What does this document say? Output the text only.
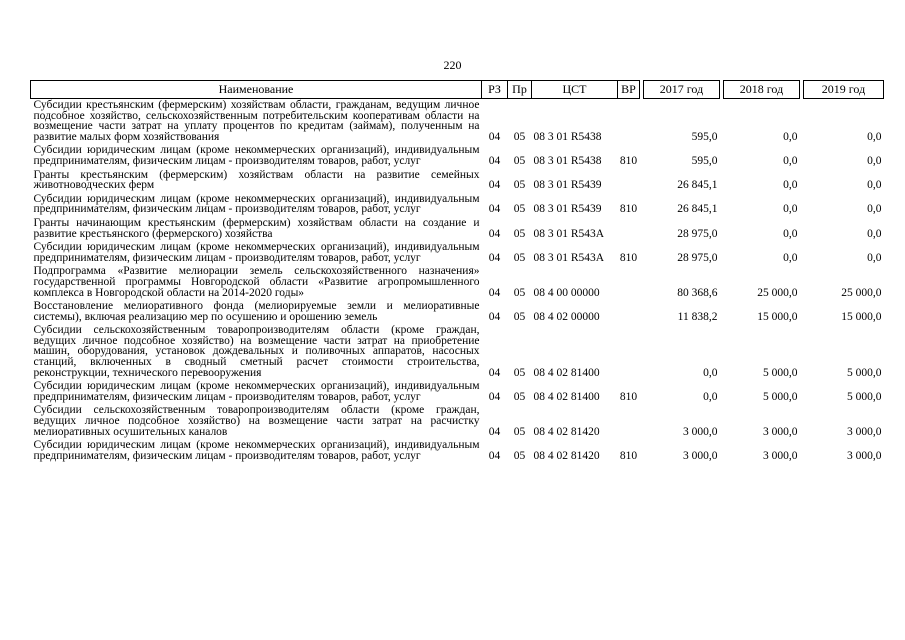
220
Наименование	РЗ	Пр	ЦСТ	ВР		2017 год		2018 год		2019 год
Субсидии крестьянским (фермерским) хозяйствам области, гражданам, ведущим личное подсобное хозяйство, сельскохозяйственным потребительским кооперативам области на возмещение части затрат на уплату процентов по кредитам (займам), полученным на развитие малых форм хозяйствования	04	05	08 3 01 R5438			595,0		0,0		0,0
Субсидии юридическим лицам (кроме некоммерческих организаций), индивидуальным предпринимателям, физическим лицам - производителям товаров, работ, услуг	04	05	08 3 01 R5438	810		595,0		0,0		0,0
Гранты крестьянским (фермерским) хозяйствам области на развитие семейных животноводческих ферм	04	05	08 3 01 R5439			26 845,1		0,0		0,0
Субсидии юридическим лицам (кроме некоммерческих организаций), индивидуальным предпринимателям, физическим лицам - производителям товаров, работ, услуг	04	05	08 3 01 R5439	810		26 845,1		0,0		0,0
Гранты начинающим крестьянским (фермерским) хозяйствам области на создание и развитие крестьянского (фермерского) хозяйства	04	05	08 3 01 R543A			28 975,0		0,0		0,0
Субсидии юридическим лицам (кроме некоммерческих организаций), индивидуальным предпринимателям, физическим лицам - производителям товаров, работ, услуг	04	05	08 3 01 R543A	810		28 975,0		0,0		0,0
Подпрограмма «Развитие мелиорации земель сельскохозяйственного назначения» государственной программы Новгородской области «Развитие агропромышленного комплекса в Новгородской области на 2014-2020 годы»	04	05	08 4 00 00000			80 368,6		25 000,0		25 000,0
Восстановление мелиоративного фонда (мелиорируемые земли и мелиоративные системы), включая реализацию мер по осушению и орошению земель	04	05	08 4 02 00000			11 838,2		15 000,0		15 000,0
Субсидии сельскохозяйственным товаропроизводителям области (кроме граждан, ведущих личное подсобное хозяйство) на возмещение части затрат на приобретение машин, оборудования, установок дождевальных и поливочных аппаратов, насосных станций, включенных в сводный сметный расчет стоимости строительства, реконструкции, технического перевооружения	04	05	08 4 02 81400			0,0		5 000,0		5 000,0
Субсидии юридическим лицам (кроме некоммерческих организаций), индивидуальным предпринимателям, физическим лицам - производителям товаров, работ, услуг	04	05	08 4 02 81400	810		0,0		5 000,0		5 000,0
Субсидии сельскохозяйственным товаропроизводителям области (кроме граждан, ведущих личное подсобное хозяйство) на возмещение части затрат на расчистку мелиоративных осушительных каналов	04	05	08 4 02 81420			3 000,0		3 000,0		3 000,0
Субсидии юридическим лицам (кроме некоммерческих организаций), индивидуальным предпринимателям, физическим лицам - производителям товаров, работ, услуг	04	05	08 4 02 81420	810		3 000,0		3 000,0		3 000,0
